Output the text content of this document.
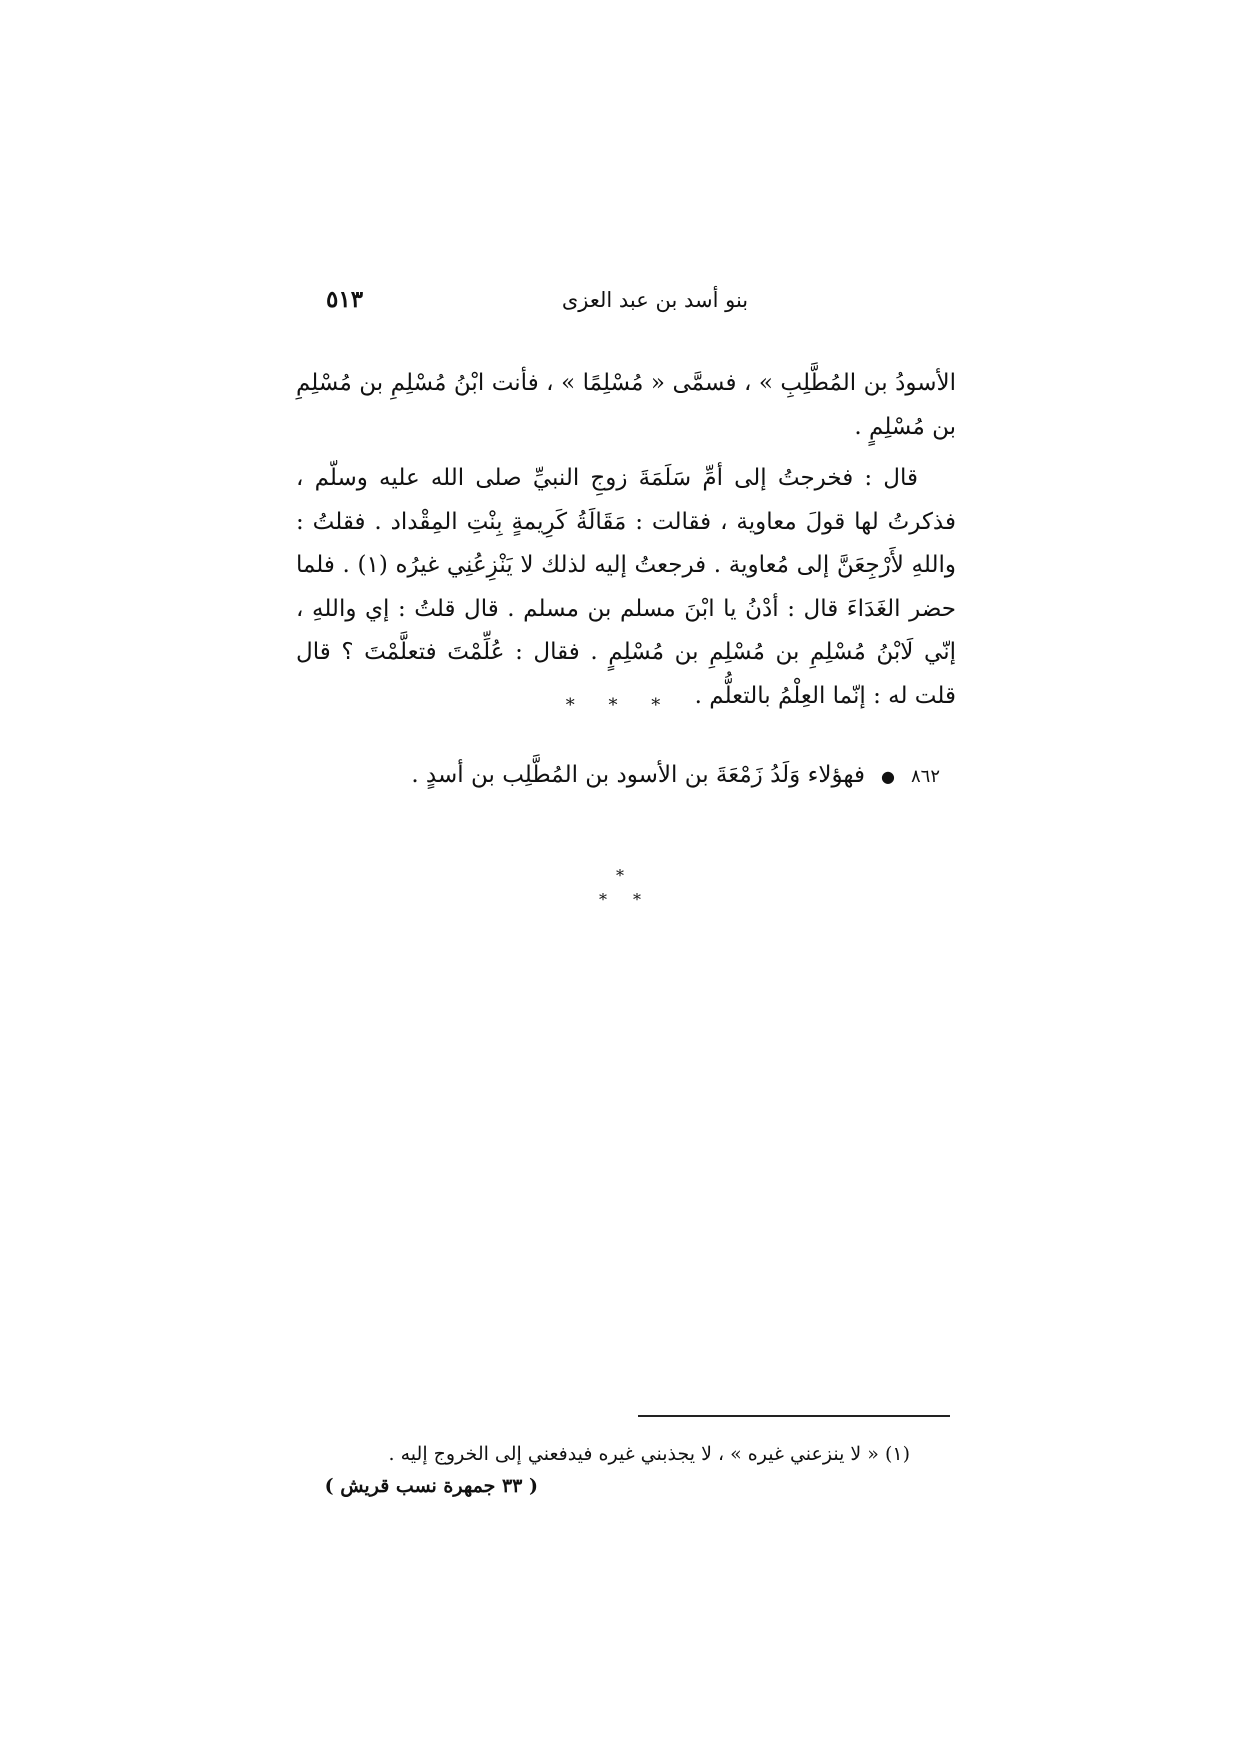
بنو أسد بن عبد العزى
٥١٣

الأسودُ بن المُطَّلِبِ » ، فسمَّى « مُسْلِمًا » ، فأنت ابْنُ مُسْلِمِ بن مُسْلِمِ بن مُسْلِمٍ .

قال : فخرجتُ إلى أمِّ سَلَمَةَ زوجِ النبيِّ صلى الله عليه وسلّم ، فذكرتُ لها قولَ معاوية ، فقالت : مَقَالَةُ كَرِيمةٍ بِنْتِ المِقْداد . فقلتُ : واللهِ لأَرْجِعَنَّ إلى مُعاوية . فرجعتُ إليه لذلك لا يَنْزِعُنِي غيرُه (١) . فلما حضر الغَدَاءَ قال : أدْنُ يا ابْنَ مسلم بن مسلم . قال قلتُ : إي واللهِ ، إنّي لَابْنُ مُسْلِمِ بن مُسْلِمِ بن مُسْلِمٍ . فقال : عُلِّمْتَ فتعلَّمْتَ ؟ قال قلت له : إنّما العِلْمُ بالتعلُّم .

* * *
٨٦٢●فهؤلاء وَلَدُ زَمْعَةَ بن الأسود بن المُطَّلِب بن أسدٍ .
*
* *
(١) « لا ينزعني غيره » ، لا يجذبني غيره فيدفعني إلى الخروج إليه .
( ٣٣ جمهرة نسب قريش )
